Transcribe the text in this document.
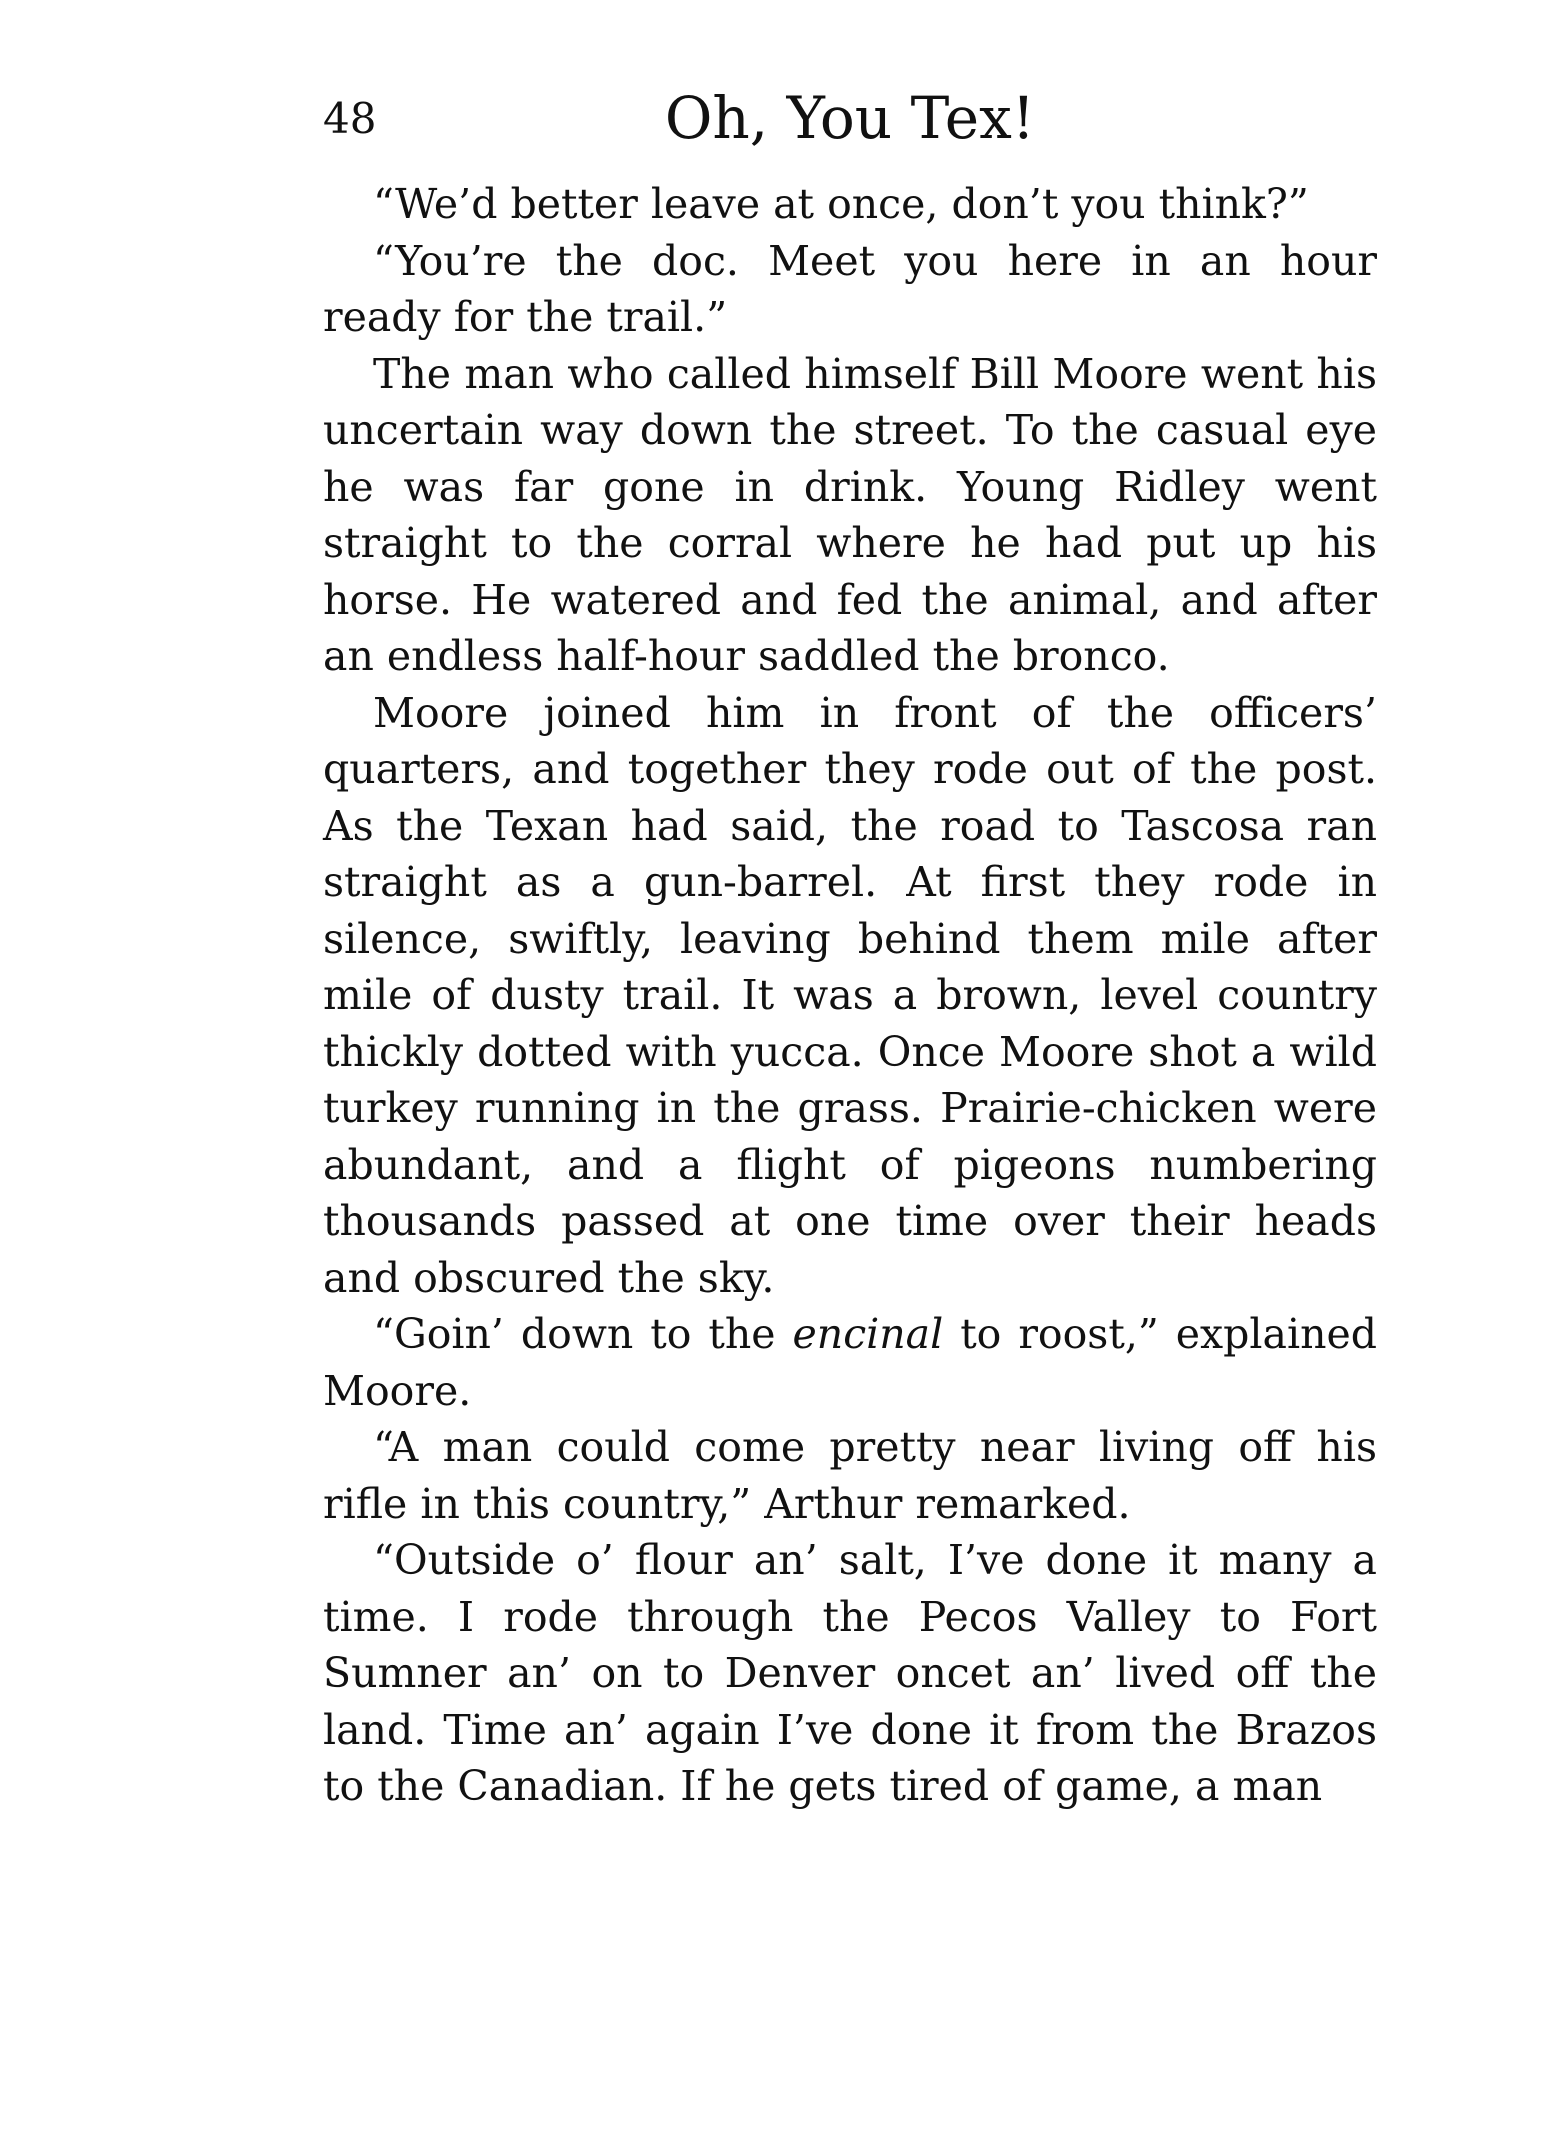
48	Oh, You Tex!

“We’d better leave at once, don’t you think?”

“You’re the doc. Meet you here in an hour ready for the trail.”

The man who called himself Bill Moore went his uncertain way down the street. To the casual eye he was far gone in drink. Young Ridley went straight to the corral where he had put up his horse. He watered and fed the animal, and after an endless half-hour saddled the bronco.

Moore joined him in front of the officers’ quarters, and together they rode out of the post. As the Texan had said, the road to Tascosa ran straight as a gun-barrel. At first they rode in silence, swiftly, leaving behind them mile after mile of dusty trail. It was a brown, level country thickly dotted with yucca. Once Moore shot a wild turkey running in the grass. Prairie-chicken were abundant, and a flight of pigeons numbering thousands passed at one time over their heads and obscured the sky.

“Goin’ down to the encinal to roost,” explained Moore.

“A man could come pretty near living off his rifle in this country,” Arthur remarked.

“Outside o’ flour an’ salt, I’ve done it many a time. I rode through the Pecos Valley to Fort Sumner an’ on to Denver oncet an’ lived off the land. Time an’ again I’ve done it from the Brazos to the Canadian. If he gets tired of game, a man
